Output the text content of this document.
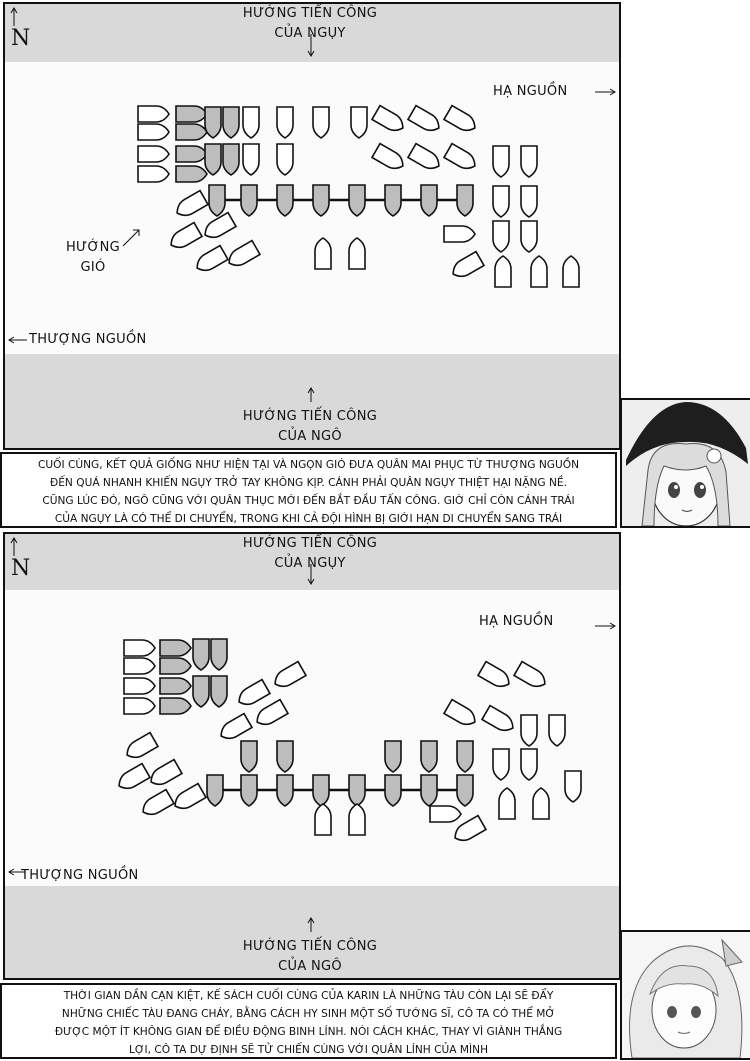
N
HƯỚNG TIẾN CÔNG
CỦA NGỤY
HẠ NGUỒN
HƯỚNG
GIÓ
THƯỢNG NGUỒN
HƯỚNG TIẾN CÔNG
CỦA NGÔ
CUỐI CÙNG, KẾT QUẢ GIỐNG NHƯ HIỆN TẠI VÀ NGỌN GIÓ ĐƯA QUÂN MAI PHỤC TỪ THƯỢNG NGUỒN
ĐẾN QUÁ NHANH KHIẾN NGỤY TRỞ TAY KHÔNG KỊP. CÁNH PHẢI QUÂN NGỤY THIỆT HẠI NẶNG NỀ.
CŨNG LÚC ĐÓ, NGÔ CŨNG VỚI QUÂN THỤC MỚI ĐẾN BẮT ĐẦU TẤN CÔNG. GIỜ CHỈ CÒN CÁNH TRÁI
CỦA NGỤY LÀ CÓ THỂ DI CHUYỂN, TRONG KHI CẢ ĐỘI HÌNH BỊ GIỚI HẠN DI CHUYỂN SANG TRÁI
N
HƯỚNG TIẾN CÔNG
CỦA NGỤY
HẠ NGUỒN
THƯỢNG NGUỒN
HƯỚNG TIẾN CÔNG
CỦA NGÔ
THỜI GIAN DẦN CẠN KIỆT, KẾ SÁCH CUỐI CÙNG CỦA KARIN LÀ NHỮNG TÀU CÒN LẠI SẼ ĐẨY
NHỮNG CHIẾC TÀU ĐANG CHÁY, BẰNG CÁCH HY SINH MỘT SỐ TƯỚNG SĨ, CÔ TA CÓ THỂ MỞ
ĐƯỢC MỘT ÍT KHÔNG GIAN ĐỂ ĐIỀU ĐỘNG BINH LÍNH. NÓI CÁCH KHÁC, THAY VÌ GIÀNH THẮNG
LỢI, CÔ TA DỰ ĐỊNH SẼ TỬ CHIẾN CÙNG VỚI QUÂN LÍNH CỦA MÌNH
